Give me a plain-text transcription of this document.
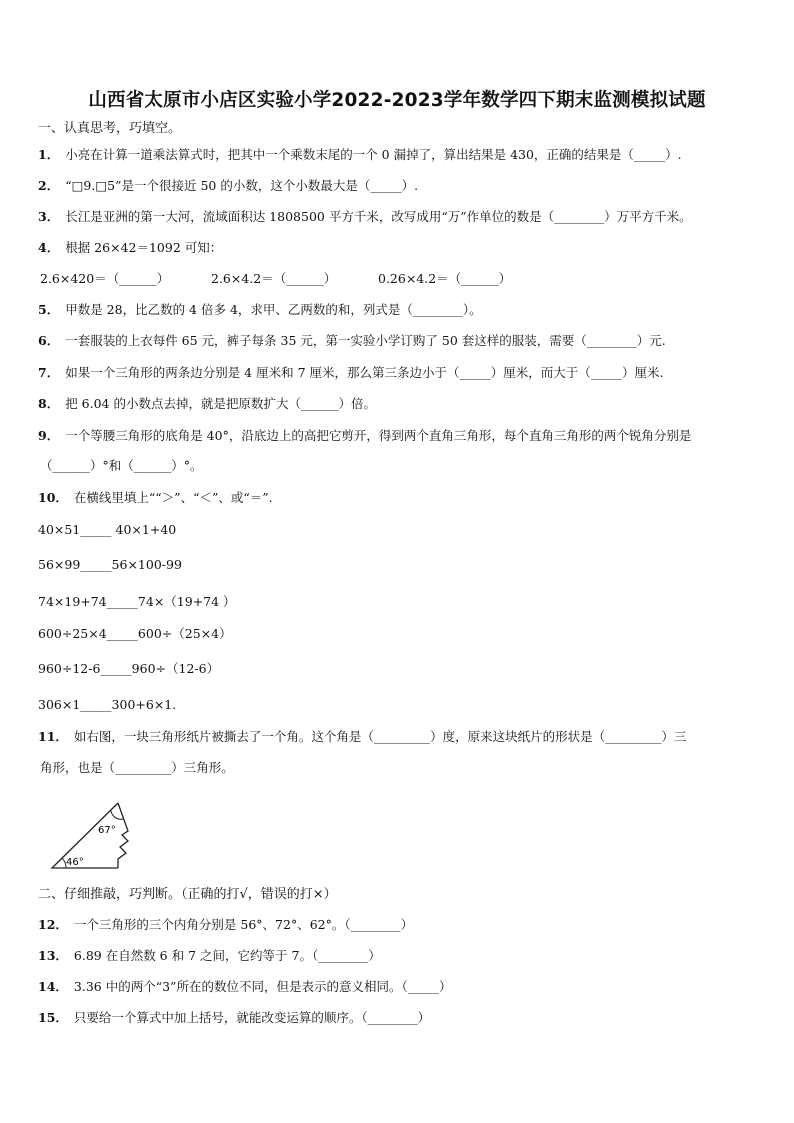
山西省太原市小店区实验小学2022-2023学年数学四下期末监测模拟试题
一、认真思考，巧填空。
1． 小亮在计算一道乘法算式时，把其中一个乘数末尾的一个 0 漏掉了，算出结果是 430，正确的结果是（_____）.
2． “□9.□5”是一个很接近 50 的小数，这个小数最大是（_____）.
3． 长江是亚洲的第一大河，流域面积达 1808500 平方千米，改写成用“万”作单位的数是（________）万平方千米。
4． 根据 26×42＝1092 可知：
2.6×420＝（______）	2.6×4.2＝（______）	0.26×4.2＝（______）
5． 甲数是 28，比乙数的 4 倍多 4，求甲、乙两数的和，列式是（________）。
6． 一套服装的上衣每件 65 元，裤子每条 35 元，第一实验小学订购了 50 套这样的服装，需要（________）元.
7． 如果一个三角形的两条边分别是 4 厘米和 7 厘米，那么第三条边小于（_____）厘米，而大于（_____）厘米.
8． 把 6.04 的小数点去掉，就是把原数扩大（______）倍。
9． 一个等腰三角形的底角是 40°，沿底边上的高把它剪开，得到两个直角三角形，每个直角三角形的两个锐角分别是
（______）°和（______）°。
10． 在横线里填上““＞”、“＜”、或“＝”.
40×51_____ 40×1+40
56×99_____56×100-99
74×19+74_____74×（19+74 ）
600÷25×4_____600÷（25×4）
960÷12-6_____960÷（12-6）
306×1_____300+6×1.
11． 如右图，一块三角形纸片被撕去了一个角。这个角是（_________）度，原来这块纸片的形状是（_________）三
角形，也是（_________）三角形。
67°
46°
二、仔细推敲，巧判断。（正确的打√，错误的打×）
12． 一个三角形的三个内角分别是 56°、72°、62°。（________）
13． 6.89 在自然数 6 和 7 之间，它约等于 7。（________）
14． 3.36 中的两个“3”所在的数位不同，但是表示的意义相同。（_____）
15． 只要给一个算式中加上括号，就能改变运算的顺序。（________）
